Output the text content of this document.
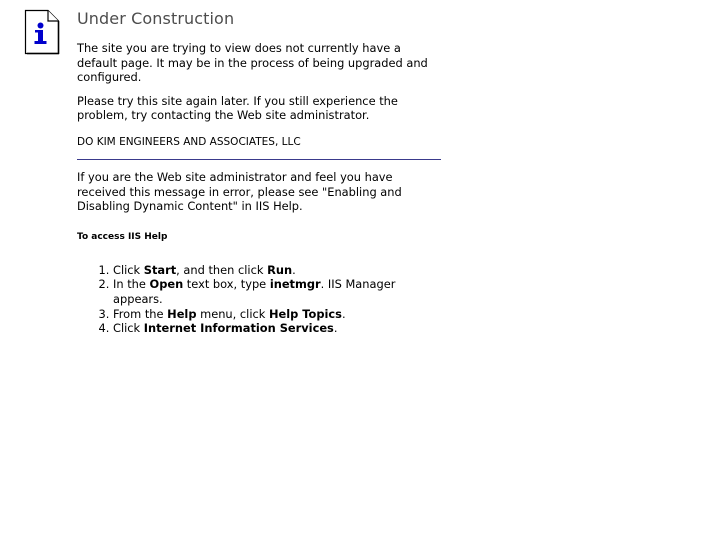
Under Construction

The site you are trying to view does not currently have a default page. It may be in the process of being upgraded and configured.

Please try this site again later. If you still experience the problem, try contacting the Web site administrator.

DO KIM ENGINEERS AND ASSOCIATES, LLC

If you are the Web site administrator and feel you have received this message in error, please see "Enabling and Disabling Dynamic Content" in IIS Help.

To access IIS Help
1. Click Start, and then click Run.
2. In the Open text box, type inetmgr. IIS Manager appears.
3. From the Help menu, click Help Topics.
4. Click Internet Information Services.
